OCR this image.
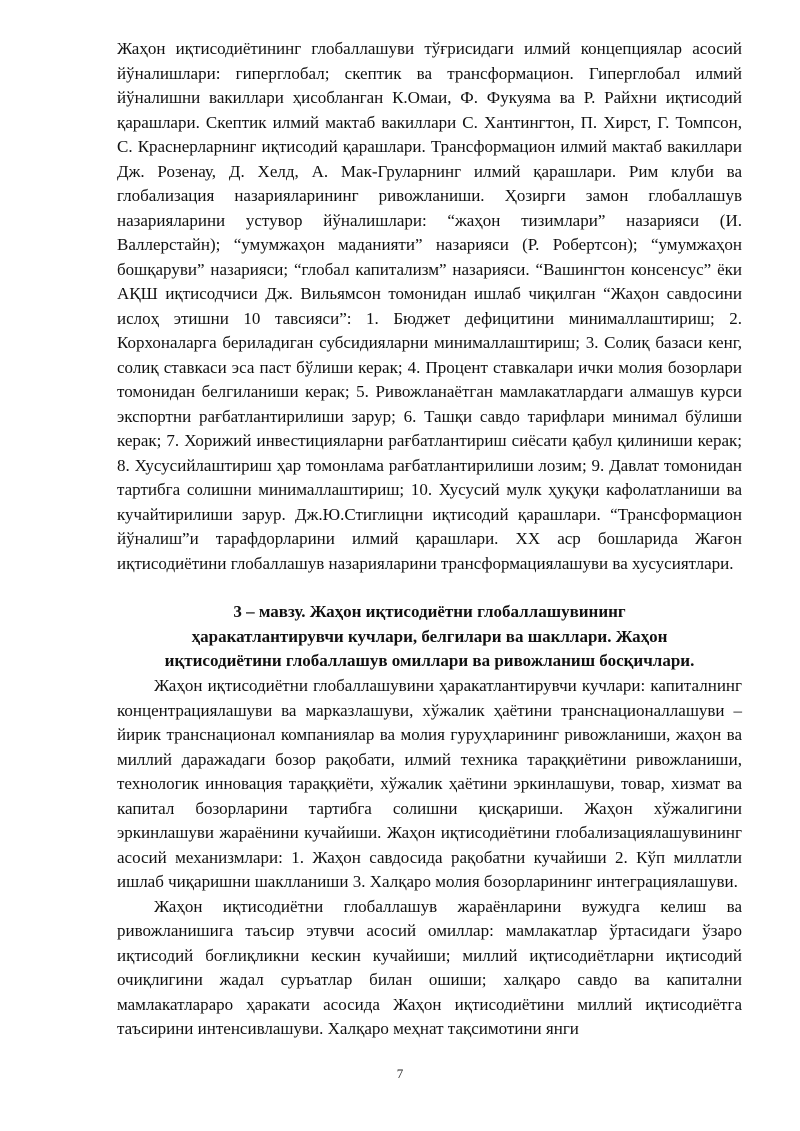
Жаҳон иқтисодиётининг глобаллашуви тўғрисидаги илмий концепциялар асосий йўналишлари: гиперглобал; скептик ва трансформацион. Гиперглобал илмий йўналишни вакиллари ҳисобланган К.Омаи, Ф. Фукуяма ва Р. Райхни иқтисодий қарашлари. Скептик илмий мактаб вакиллари С. Хантингтон, П. Хирст, Г. Томпсон, С. Краснерларнинг иқтисодий қарашлари. Трансформацион илмий мактаб вакиллари Дж. Розенау, Д. Хелд, А. Мак-Груларнинг илмий қарашлари. Рим клуби ва глобализация назарияларининг ривожланиши. Ҳозирги замон глобаллашув назарияларини устувор йўналишлари: “жаҳон тизимлари” назарияси (И. Валлерстайн); “умумжаҳон маданияти” назарияси (Р. Робертсон); “умумжаҳон бошқаруви” назарияси; “глобал капитализм” назарияси. “Вашингтон консенсус” ёки АҚШ иқтисодчиси Дж. Вильямсон томонидан ишлаб чиқилган “Жаҳон савдосини ислоҳ этишни 10 тавсияси”: 1. Бюджет дефицитини минималлаштириш; 2. Корхоналарга бериладиган субсидияларни минималлаштириш; 3. Солиқ базаси кенг, солиқ ставкаси эса паст бўлиши керак; 4. Процент ставкалари ички молия бозорлари томонидан белгиланиши керак; 5. Ривожланаётган мамлакатлардаги алмашув курси экспортни рағбатлантирилиши зарур; 6. Ташқи савдо тарифлари минимал бўлиши керак; 7. Хорижий инвестицияларни рағбатлантириш сиёсати қабул қилиниши керак; 8. Хусусийлаштириш ҳар томонлама рағбатлантирилиши лозим; 9. Давлат томонидан тартибга солишни минималлаштириш; 10. Хусусий мулк ҳуқуқи кафолатланиши ва кучайтирилиши зарур. Дж.Ю.Стиглицни иқтисодий қарашлари. “Трансформацион йўналиш”и тарафдорларини илмий қарашлари. XX аср бошларида Жағон иқтисодиётини глобаллашув назарияларини трансформациялашуви ва хусусиятлари.

3 – мавзу. Жаҳон иқтисодиётни глобаллашувининг
ҳаракатлантирувчи кучлари, белгилари ва шакллари. Жаҳон
иқтисодиётини глобаллашув омиллари ва ривожланиш босқичлари.

Жаҳон иқтисодиётни глобаллашувини ҳаракатлантирувчи кучлари: капиталнинг концентрациялашуви ва марказлашуви, хўжалик ҳаётини транснационаллашуви – йирик транснационал компаниялар ва молия гуруҳларининг ривожланиши, жаҳон ва миллий даражадаги бозор рақобати, илмий техника тараққиётини ривожланиши, технологик инновация тараққиёти, хўжалик ҳаётини эркинлашуви, товар, хизмат ва капитал бозорларини тартибга солишни қисқариши. Жаҳон хўжалигини эркинлашуви жараёнини кучайиши. Жаҳон иқтисодиётини глобализациялашувининг асосий механизмлари: 1. Жаҳон савдосида рақобатни кучайиши 2. Кўп миллатли ишлаб чиқаришни шаклланиши 3. Халқаро молия бозорларининг интеграциялашуви.

Жаҳон иқтисодиётни глобаллашув жараёнларини вужудга келиш ва ривожланишига таъсир этувчи асосий омиллар: мамлакатлар ўртасидаги ўзаро иқтисодий боғлиқликни кескин кучайиши; миллий иқтисодиётларни иқтисодий очиқлигини жадал суръатлар билан ошиши; халқаро савдо ва капитални мамлакатлараро ҳаракати асосида Жаҳон иқтисодиётини миллий иқтисодиётга таъсирини интенсивлашуви. Халқаро меҳнат тақсимотини янги

7
